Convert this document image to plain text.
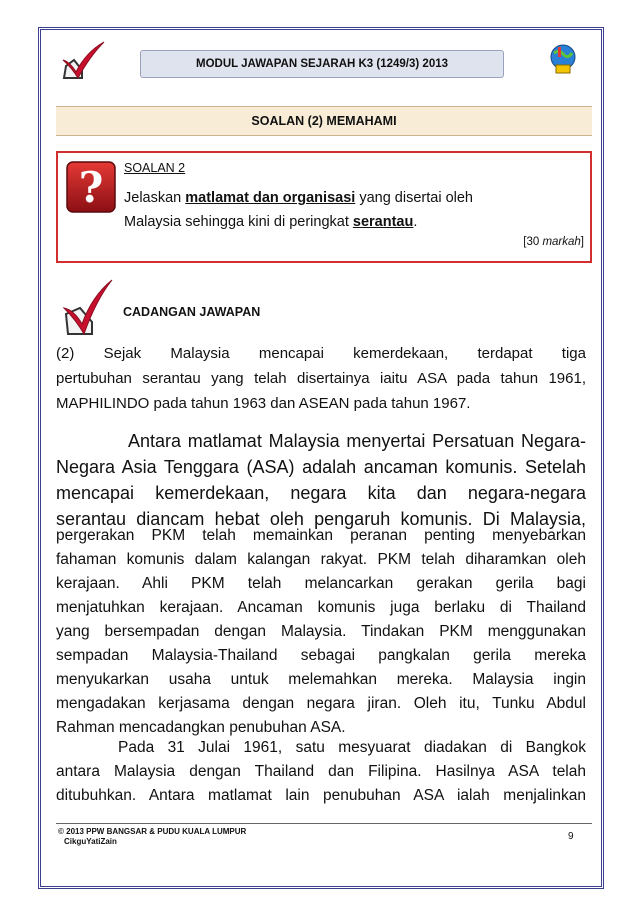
MODUL JAWAPAN SEJARAH K3 (1249/3) 2013
SOALAN (2) MEMAHAMI
? SOALAN 2
Jelaskan matlamat dan organisasi yang disertai oleh
Malaysia sehingga kini di peringkat serantau.
[30 markah]
CADANGAN JAWAPAN
(2) Sejak Malaysia mencapai kemerdekaan, terdapat tiga
pertubuhan serantau yang telah disertainya iaitu ASA pada tahun 1961,
MAPHILINDO pada tahun 1963 dan ASEAN pada tahun 1967.
Antara matlamat Malaysia menyertai Persatuan Negara-
Negara Asia Tenggara (ASA) adalah ancaman komunis. Setelah
mencapai kemerdekaan, negara kita dan negara-negara
serantau diancam hebat oleh pengaruh komunis. Di Malaysia,
pergerakan PKM telah memainkan peranan penting menyebarkan
fahaman komunis dalam kalangan rakyat. PKM telah diharamkan oleh
kerajaan. Ahli PKM telah melancarkan gerakan gerila bagi
menjatuhkan kerajaan. Ancaman komunis juga berlaku di Thailand
yang bersempadan dengan Malaysia. Tindakan PKM menggunakan
sempadan Malaysia-Thailand sebagai pangkalan gerila mereka
menyukarkan usaha untuk melemahkan mereka. Malaysia ingin
mengadakan kerjasama dengan negara jiran. Oleh itu, Tunku Abdul
Rahman mencadangkan penubuhan ASA.
Pada 31 Julai 1961, satu mesyuarat diadakan di Bangkok
antara Malaysia dengan Thailand dan Filipina. Hasilnya ASA telah
ditubuhkan. Antara matlamat lain penubuhan ASA ialah menjalinkan
© 2013 PPW BANGSAR & PUDU KUALA LUMPUR
CikguYatiZain	9
